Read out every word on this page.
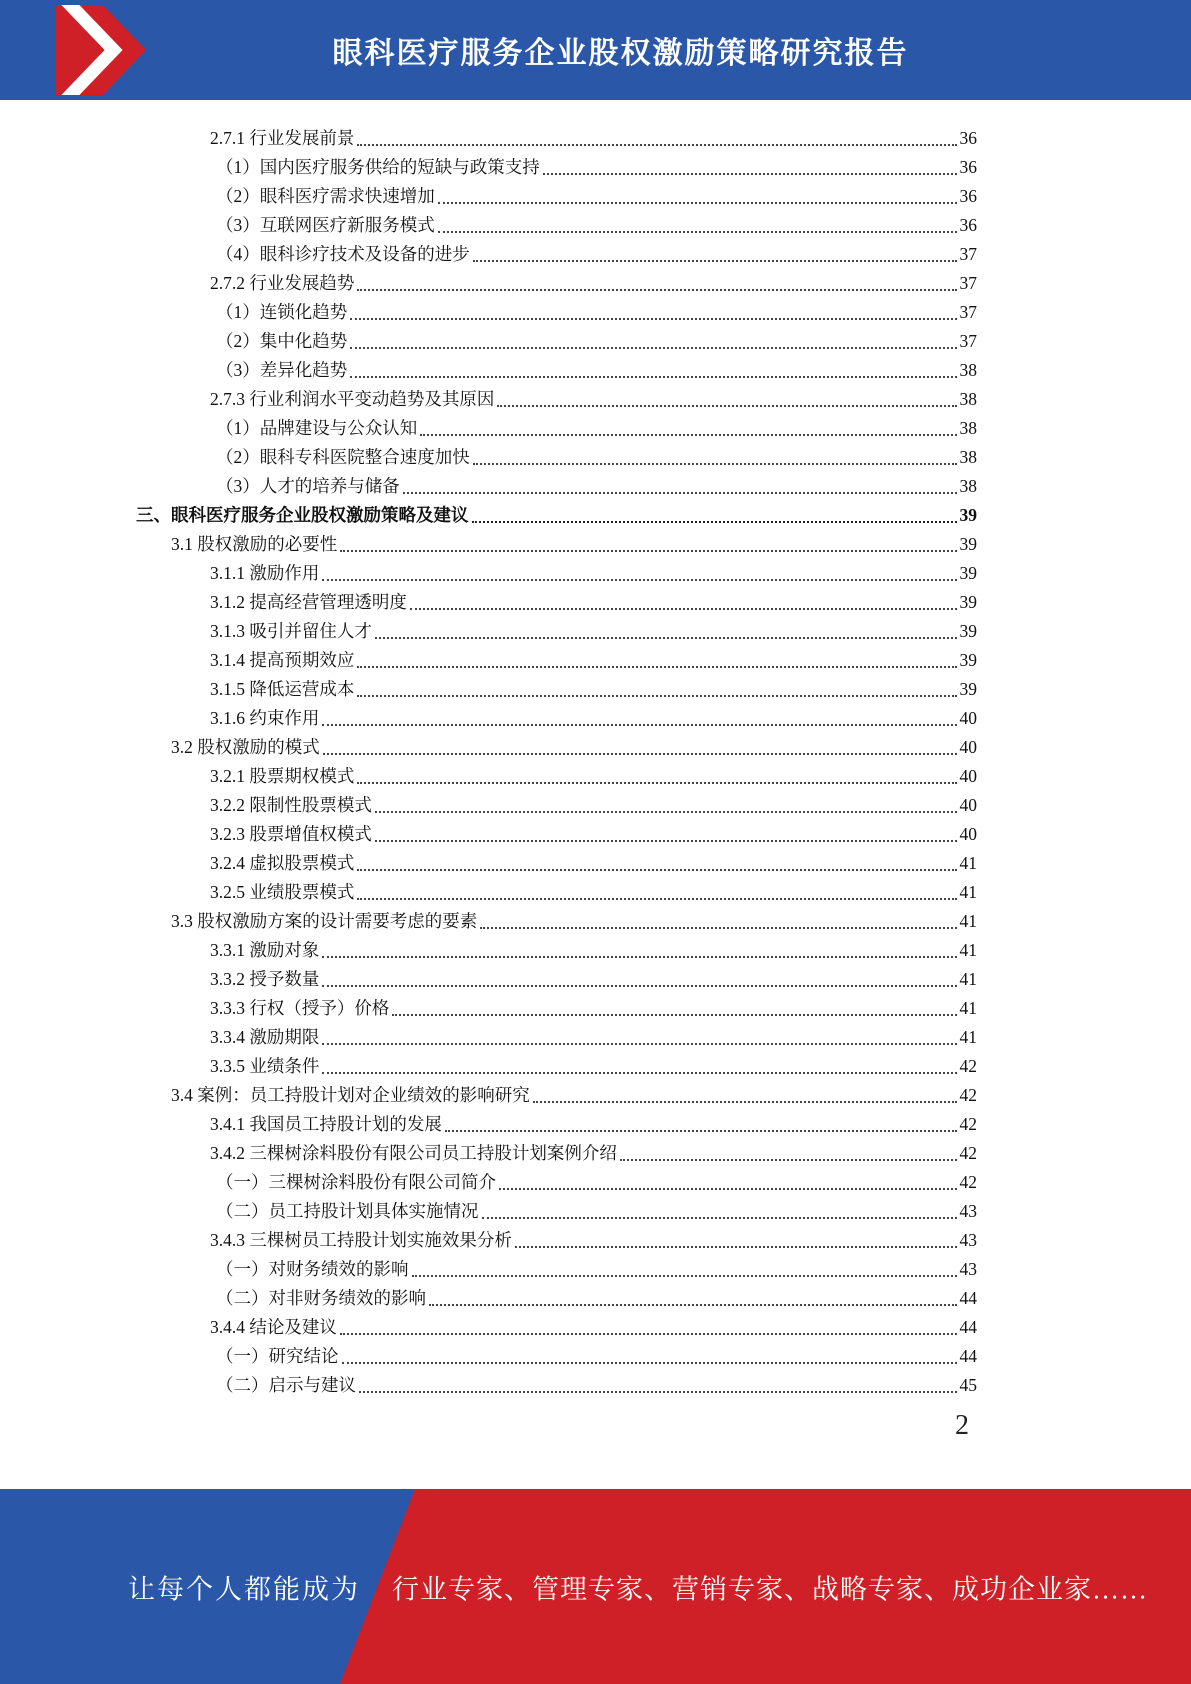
眼科医疗服务企业股权激励策略研究报告
2.7.1 行业发展前景	36
（1）国内医疗服务供给的短缺与政策支持	36
（2）眼科医疗需求快速增加	36
（3）互联网医疗新服务模式	36
（4）眼科诊疗技术及设备的进步	37
2.7.2 行业发展趋势	37
（1）连锁化趋势	37
（2）集中化趋势	37
（3）差异化趋势	38
2.7.3 行业利润水平变动趋势及其原因	38
（1）品牌建设与公众认知	38
（2）眼科专科医院整合速度加快	38
（3）人才的培养与储备	38
三、眼科医疗服务企业股权激励策略及建议	39
3.1 股权激励的必要性	39
3.1.1 激励作用	39
3.1.2 提高经营管理透明度	39
3.1.3 吸引并留住人才	39
3.1.4 提高预期效应	39
3.1.5 降低运营成本	39
3.1.6 约束作用	40
3.2 股权激励的模式	40
3.2.1 股票期权模式	40
3.2.2 限制性股票模式	40
3.2.3 股票增值权模式	40
3.2.4 虚拟股票模式	41
3.2.5 业绩股票模式	41
3.3 股权激励方案的设计需要考虑的要素	41
3.3.1 激励对象	41
3.3.2 授予数量	41
3.3.3 行权（授予）价格	41
3.3.4 激励期限	41
3.3.5 业绩条件	42
3.4 案例：员工持股计划对企业绩效的影响研究	42
3.4.1 我国员工持股计划的发展	42
3.4.2 三棵树涂料股份有限公司员工持股计划案例介绍	42
（一）三棵树涂料股份有限公司简介	42
（二）员工持股计划具体实施情况	43
3.4.3 三棵树员工持股计划实施效果分析	43
（一）对财务绩效的影响	43
（二）对非财务绩效的影响	44
3.4.4 结论及建议	44
（一）研究结论	44
（二）启示与建议	45
2
让每个人都能成为 行业专家、管理专家、营销专家、战略专家、成功企业家……
